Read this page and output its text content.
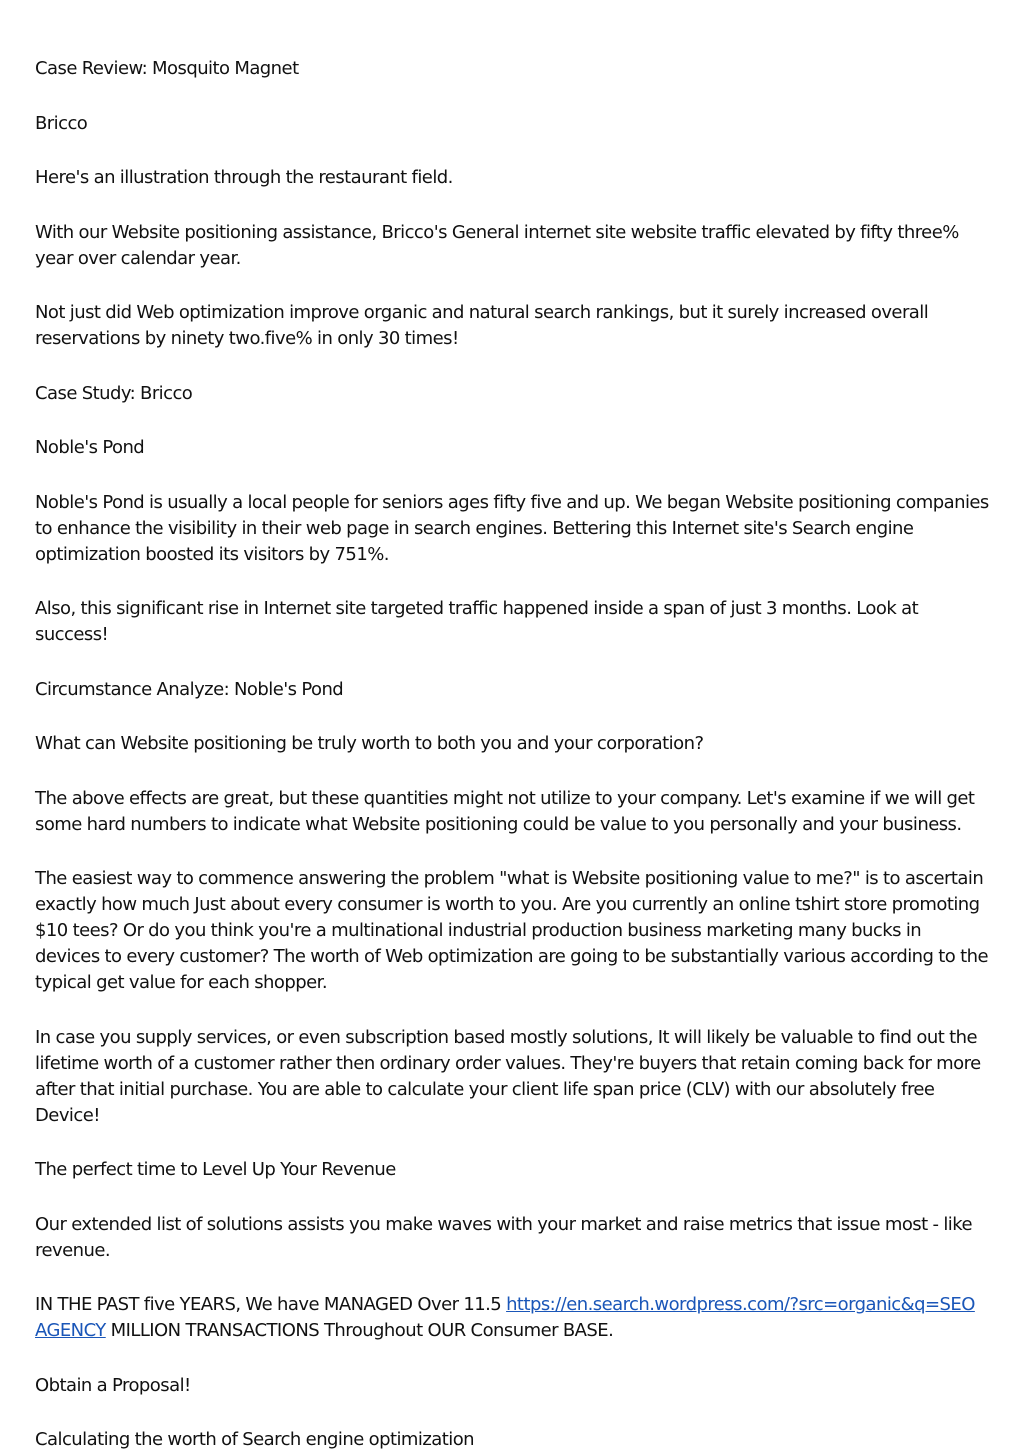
Case Review: Mosquito Magnet

Bricco

Here's an illustration through the restaurant field.

With our Website positioning assistance, Bricco's General internet site website traffic elevated by fifty three% year over calendar year.

Not just did Web optimization improve organic and natural search rankings, but it surely increased overall reservations by ninety two.five% in only 30 times!

Case Study: Bricco

Noble's Pond

Noble's Pond is usually a local people for seniors ages fifty five and up. We began Website positioning companies to enhance the visibility in their web page in search engines. Bettering this Internet site's Search engine optimization boosted its visitors by 751%.

Also, this significant rise in Internet site targeted traffic happened inside a span of just 3 months. Look at success!

Circumstance Analyze: Noble's Pond

What can Website positioning be truly worth to both you and your corporation?

The above effects are great, but these quantities might not utilize to your company. Let's examine if we will get some hard numbers to indicate what Website positioning could be value to you personally and your business.

The easiest way to commence answering the problem "what is Website positioning value to me?" is to ascertain exactly how much Just about every consumer is worth to you. Are you currently an online tshirt store promoting $10 tees? Or do you think you're a multinational industrial production business marketing many bucks in devices to every customer? The worth of Web optimization are going to be substantially various according to the typical get value for each shopper.

In case you supply services, or even subscription based mostly solutions, It will likely be valuable to find out the lifetime worth of a customer rather then ordinary order values. They're buyers that retain coming back for more after that initial purchase. You are able to calculate your client life span price (CLV) with our absolutely free Device!

The perfect time to Level Up Your Revenue

Our extended list of solutions assists you make waves with your market and raise metrics that issue most - like revenue.

IN THE PAST five YEARS, We have MANAGED Over 11.5 https://en.search.wordpress.com/?src=organic&q=SEO AGENCY MILLION TRANSACTIONS Throughout OUR Consumer BASE.

Obtain a Proposal!

Calculating the worth of Search engine optimization
